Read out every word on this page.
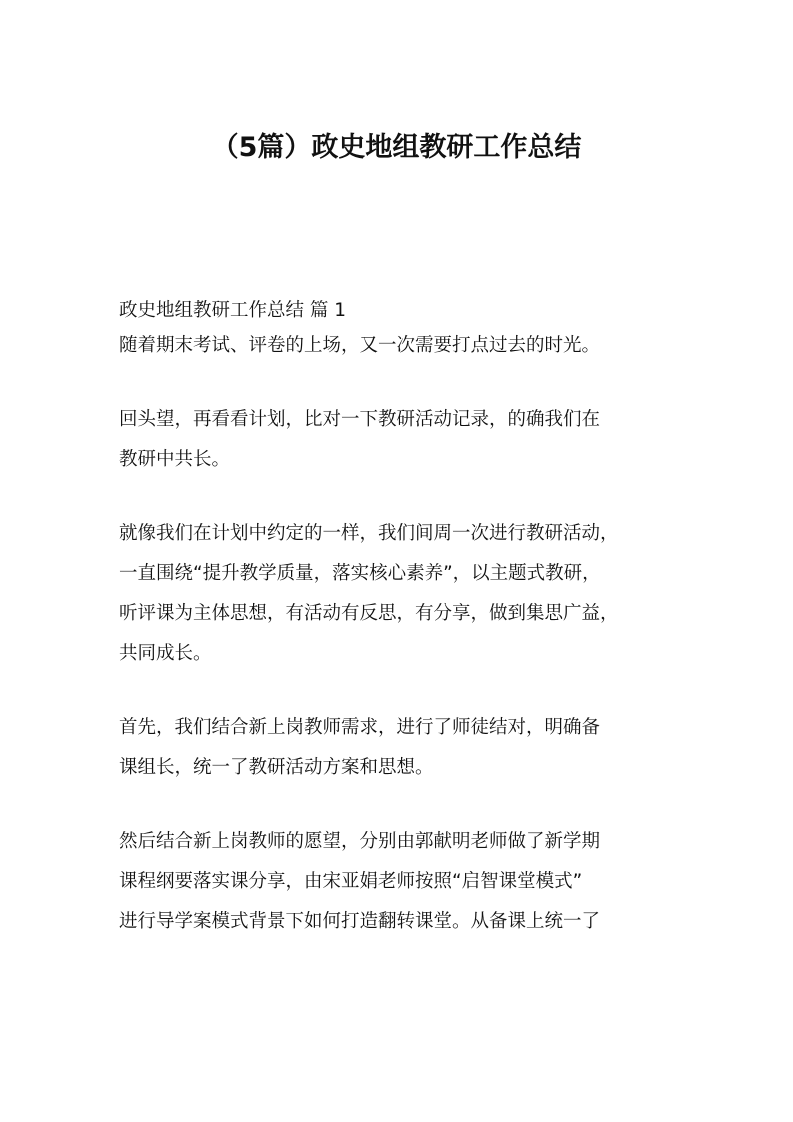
（5篇）政史地组教研工作总结
政史地组教研工作总结 篇 1
随着期末考试、评卷的上场，又一次需要打点过去的时光。
回头望，再看看计划，比对一下教研活动记录，的确我们在
教研中共长。
就像我们在计划中约定的一样，我们间周一次进行教研活动，
一直围绕“提升教学质量，落实核心素养”，以主题式教研，
听评课为主体思想，有活动有反思，有分享，做到集思广益，
共同成长。
首先，我们结合新上岗教师需求，进行了师徒结对，明确备
课组长，统一了教研活动方案和思想。
然后结合新上岗教师的愿望，分别由郭献明老师做了新学期
课程纲要落实课分享，由宋亚娟老师按照“启智课堂模式”
进行导学案模式背景下如何打造翻转课堂。从备课上统一了
